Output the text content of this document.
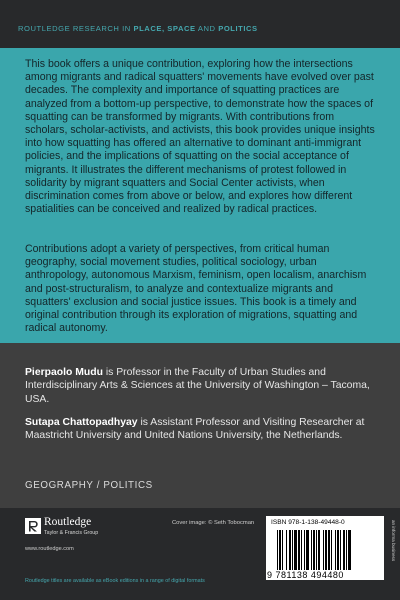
ROUTLEDGE RESEARCH IN PLACE, SPACE AND POLITICS

This book offers a unique contribution, exploring how the intersections among migrants and radical squatters' movements have evolved over past decades. The complexity and importance of squatting practices are analyzed from a bottom-up perspective, to demonstrate how the spaces of squatting can be transformed by migrants. With contributions from scholars, scholar-activists, and activists, this book provides unique insights into how squatting has offered an alternative to dominant anti-immigrant policies, and the implications of squatting on the social acceptance of migrants. It illustrates the different mechanisms of protest followed in solidarity by migrant squatters and Social Center activists, when discrimination comes from above or below, and explores how different spatialities can be conceived and realized by radical practices.

Contributions adopt a variety of perspectives, from critical human geography, social movement studies, political sociology, urban anthropology, autonomous Marxism, feminism, open localism, anarchism and post-structuralism, to analyze and contextualize migrants and squatters' exclusion and social justice issues. This book is a timely and original contribution through its exploration of migrations, squatting and radical autonomy.

Pierpaolo Mudu is Professor in the Faculty of Urban Studies and Interdisciplinary Arts & Sciences at the University of Washington – Tacoma, USA.

Sutapa Chattopadhyay is Assistant Professor and Visiting Researcher at Maastricht University and United Nations University, the Netherlands.

GEOGRAPHY / POLITICS
Routledge
Taylor & Francis Group
www.routledge.com
Cover image: © Seth Tobocman
Routledge titles are available as eBook editions in a range of digital formats
ISBN 978-1-138-49448-0
9 781138 494480
an informa business
